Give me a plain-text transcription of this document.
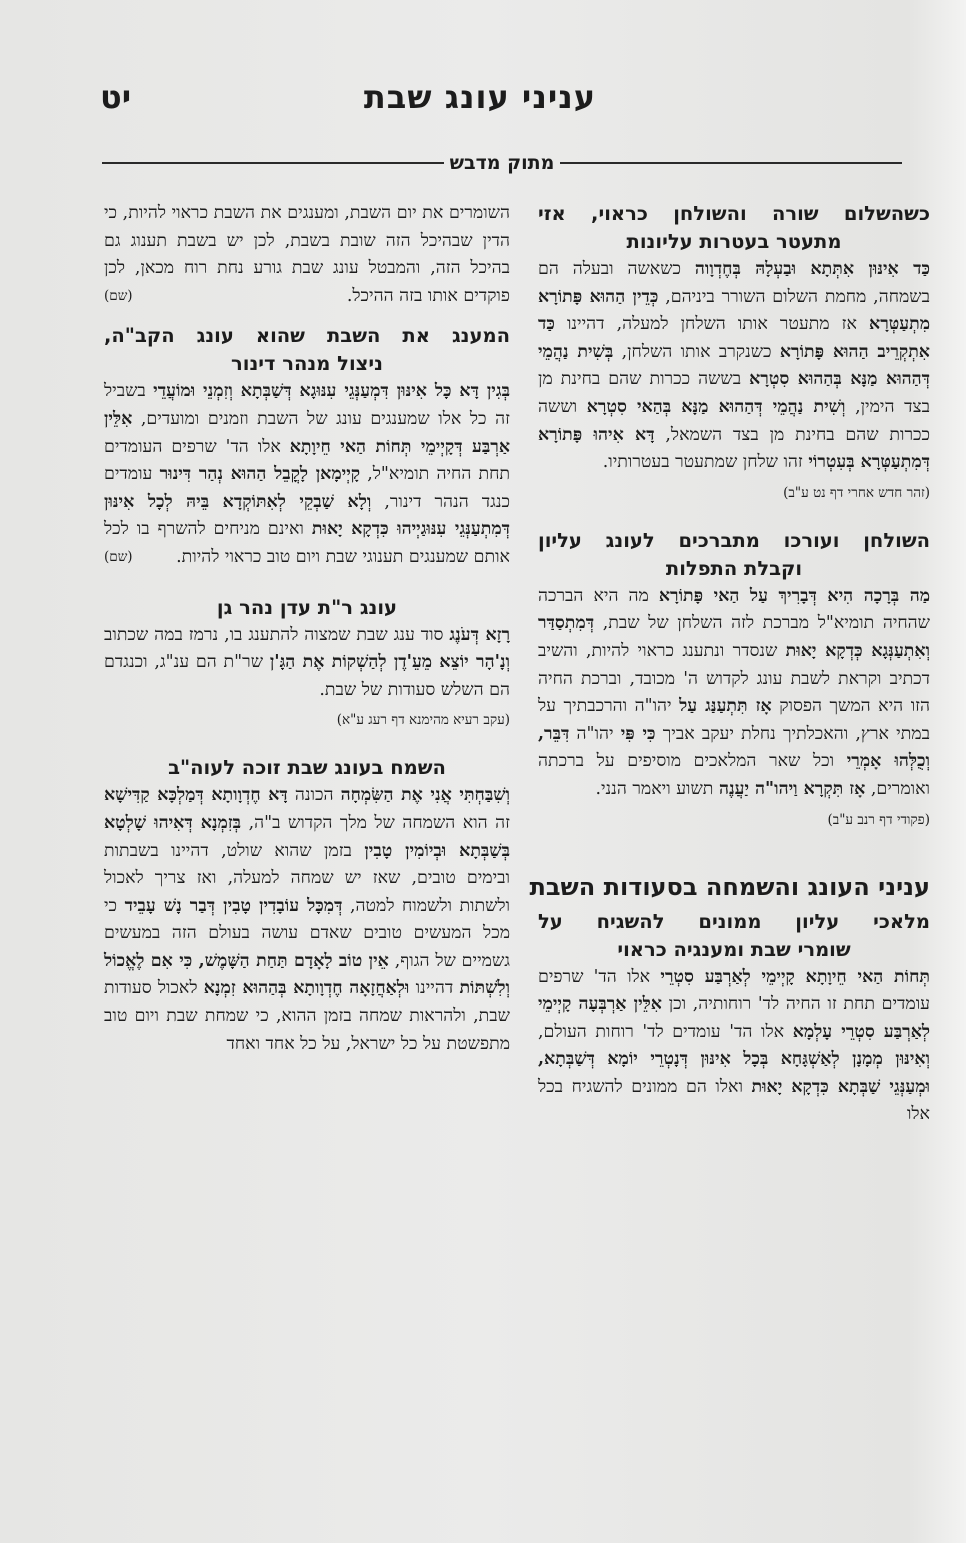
עניני עונג שבת
יט
מתוק מדבש

כשהשלום שורה והשולחן כראוי, אזי

מתעטר בעטרות עליונות

כַּד אִינּוּן אִתְּתָא וּבַעְלָהּ בְּחֶדְוָוה כשאשה ובעלה הם בשמחה, מחמת השלום השורר ביניהם, כְּדֵין הַהוּא פָּתוֹרָא מִתְעַטְּרָא אז מתעטר אותו השלחן למעלה, דהיינו כַּד אִתְקְרֵיב הַהוּא פָּתוֹרָא כשנקרב אותו השלחן, בְּשִׁית נַהֲמֵי דְּהַהוּא מַנָּא בְּהַהוּא סִטְרָא בששה ככרות שהם בחינת מן בצד הימין, וְשִׁית נַהֲמֵי דְּהַהוּא מַנָּא בְּהַאי סִטְרָא וששה ככרות שהם בחינת מן בצד השמאל, דָּא אִיהוּ פָּתוֹרָא דְּמִתְעַטְּרָא בְּעִטְרוֹי זהו שלחן שמתעטר בעטרותיו.

(זהר חדש אחרי דף נט ע"ב)

השולחן ועורכו מתברכים לעונג עליון

וקבלת התפלות

מַה בְּרָכָה הִיא דְּבָרִיךְ עַל הַאי פָּתוֹרָא מה היא הברכה שהחיה תומיא"ל מברכת לזה השלחן של שבת, דְּמִתְסַדַּר וְאִתְעַנְּגָא כְּדְקָא יָאוּת שנסדר ונתענג כראוי להיות, והשיב דכתיב וקראת לשבת עונג לקדוש ה' מכובד, וברכת החיה הזו היא המשך הפסוק אָז תִּתְעַנַּג עַל יהו"ה והרכבתיך על במתי ארץ, והאכלתיך נחלת יעקב אביך כִּי פִּי יהו"ה דִּבֵּר, וְכֻלְּהוּ אָמְרֵי וכל שאר המלאכים מוסיפים על ברכתה ואומרים, אָז תִּקְרָא וַיהו"ה יַעֲנֶה תשוע ויאמר הנני.

(פקודי דף רנב ע"ב)

עניני העונג והשמחה בסעודות השבת

מלאכי עליון ממונים להשגיח על

שומרי שבת ומענגיה כראוי

תְּחוֹת הַאי חֵיוָתָא קָיְימֵי לְאַרְבַּע סִטְרֵי אלו הד' שרפים עומדים תחת זו החיה לד' רוחותיה, וכן אִלֵּין אַרְבְּעָה קָיְימֵי לְאַרְבַּע סִטְרֵי עָלְמָא אלו הד' עומדים לד' רוחות העולם, וְאִינּוּן מְמָנָן לְאַשְׁגָּחָא בְּכָל אִינּוּן דְּנָטְרֵי יוֹמָא דְּשַׁבְּתָא, וּמְעַנְּגֵי שַׁבְּתָא כִּדְקָא יָאוּת ואלו הם ממונים להשגיח בכל אלו

השומרים את יום השבת, ומענגים את השבת כראוי להיות, כי הדין שבהיכל הזה שובת בשבת, לכן יש בשבת תענוג גם בהיכל הזה, והמבטל עונג שבת גורע נחת רוח מכאן, לכן פוקדים אותו בזה ההיכל.
(שם)

המענג את השבת שהוא עונג הקב"ה,

ניצול מנהר דינור

בְּגִין דָּא כָּל אִינּוּן דִּמְעַנְּגֵי עִנּוּגָא דְּשַׁבְּתָא וְזִמְנֵי וּמוֹעֲדֵי בשביל זה כל אלו שמענגים עונג של השבת וזמנים ומועדים, אִלֵּין אַרְבַּע דְּקָיְימֵי תְּחוֹת הַאי חֵיוָתָא אלו הד' שרפים העומדים תחת החיה תומיא"ל, קָיְימָאן לָקֳבֵל הַהוּא נְהַר דִּינוּר עומדים כנגד הנהר דינור, וְלָא שַׁבְקֵי לְאִתּוֹקְדָא בֵּיהּ לְכָל אִינּוּן דְּמִתְעַנְּגֵי עִנּוּגַיְיהוּ כִּדְקָא יָאוּת ואינם מניחים להשרף בו לכל אותם שמענגים תענוגי שבת ויום טוב כראוי להיות.
(שם)

עונג ר"ת עדן נהר גן

רָזָא דְּעֹנֶג סוד ענג שבת שמצוה להתענג בו, נרמז במה שכתוב וְנָ'הָר יוֹצֵא מֵעֵ'דֶן לְהַשְׁקוֹת אֶת הַגָּ'ן שר"ת הם ענ"ג, וכנגדם הם השלש סעודות של שבת.

(עקב רעיא מהימנא דף רעג ע"א)

השמח בעונג שבת זוכה לעוה"ב

וְשִׁבַּחְתִּי אֲנִי אֶת הַשִּׂמְחָה הכונה דָּא חֶדְוָותָא דְּמַלְכָּא קַדִּישָׁא זה הוא השמחה של מלך הקדוש ב"ה, בְּזִמְנָא דְּאִיהוּ שָׁלְטָא בְּשַׁבְּתָא וּבְיוֹמִין טָבִין בזמן שהוא שולט, דהיינו בשבתות ובימים טובים, שאז יש שמחה למעלה, ואז צריך לאכול ולשתות ולשמוח למטה, דְּמִכָּל עוֹבָדִין טָבִין דְּבַר נָשׁ עָבֵיד כי מכל המעשים טובים שאדם עושה בעולם הזה במעשים גשמיים של הגוף, אֵין טוֹב לָאָדָם תַּחַת הַשָּׁמֶשׁ, כִּי אִם לֶאֱכוֹל וְלִשְׁתּוֹת דהיינו וּלְאַחֲזָאָה חֶדְוָותָא בְּהַהוּא זִמְנָא לאכול סעודות שבת, ולהראות שמחה בזמן ההוא, כי שמחת שבת ויום טוב מתפשטת על כל ישראל, על כל אחד ואחד
